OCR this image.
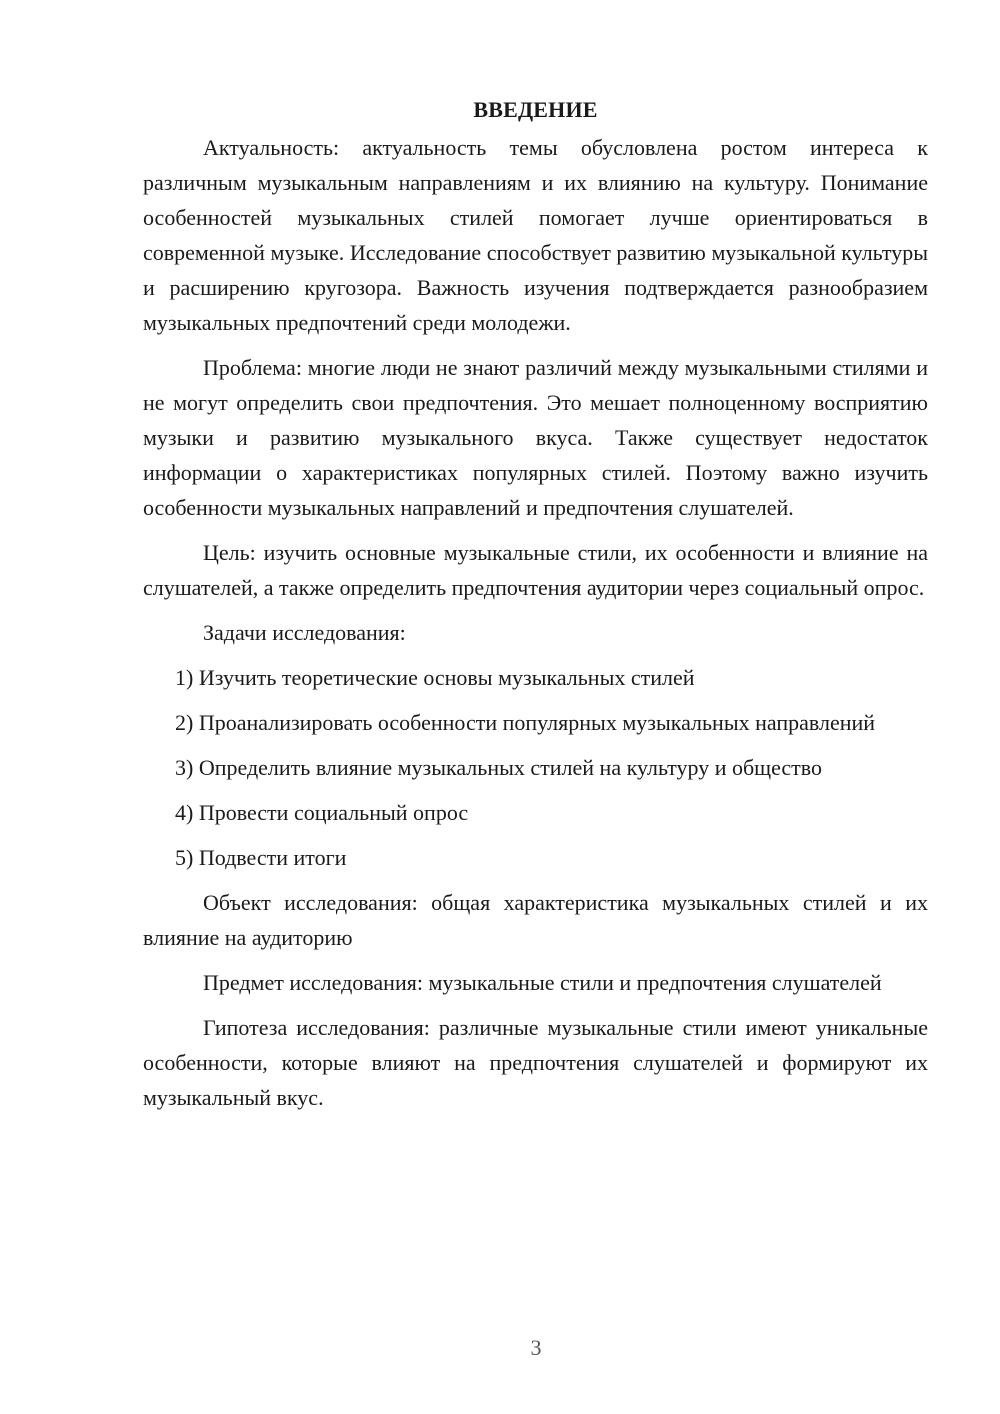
ВВЕДЕНИЕ

Актуальность: актуальность темы обусловлена ростом интереса к различным музыкальным направлениям и их влиянию на культуру. Понимание особенностей музыкальных стилей помогает лучше ориентироваться в современной музыке. Исследование способствует развитию музыкальной культуры и расширению кругозора. Важность изучения подтверждается разнообразием музыкальных предпочтений среди молодежи.

Проблема: многие люди не знают различий между музыкальными стилями и не могут определить свои предпочтения. Это мешает полноценному восприятию музыки и развитию музыкального вкуса. Также существует недостаток информации о характеристиках популярных стилей. Поэтому важно изучить особенности музыкальных направлений и предпочтения слушателей.

Цель: изучить основные музыкальные стили, их особенности и влияние на слушателей, а также определить предпочтения аудитории через социальный опрос.

Задачи исследования:

1) Изучить теоретические основы музыкальных стилей

2) Проанализировать особенности популярных музыкальных направлений

3) Определить влияние музыкальных стилей на культуру и общество

4) Провести социальный опрос

5) Подвести итоги

Объект исследования: общая характеристика музыкальных стилей и их влияние на аудиторию

Предмет исследования: музыкальные стили и предпочтения слушателей

Гипотеза исследования: различные музыкальные стили имеют уникальные особенности, которые влияют на предпочтения слушателей и формируют их музыкальный вкус.

3
